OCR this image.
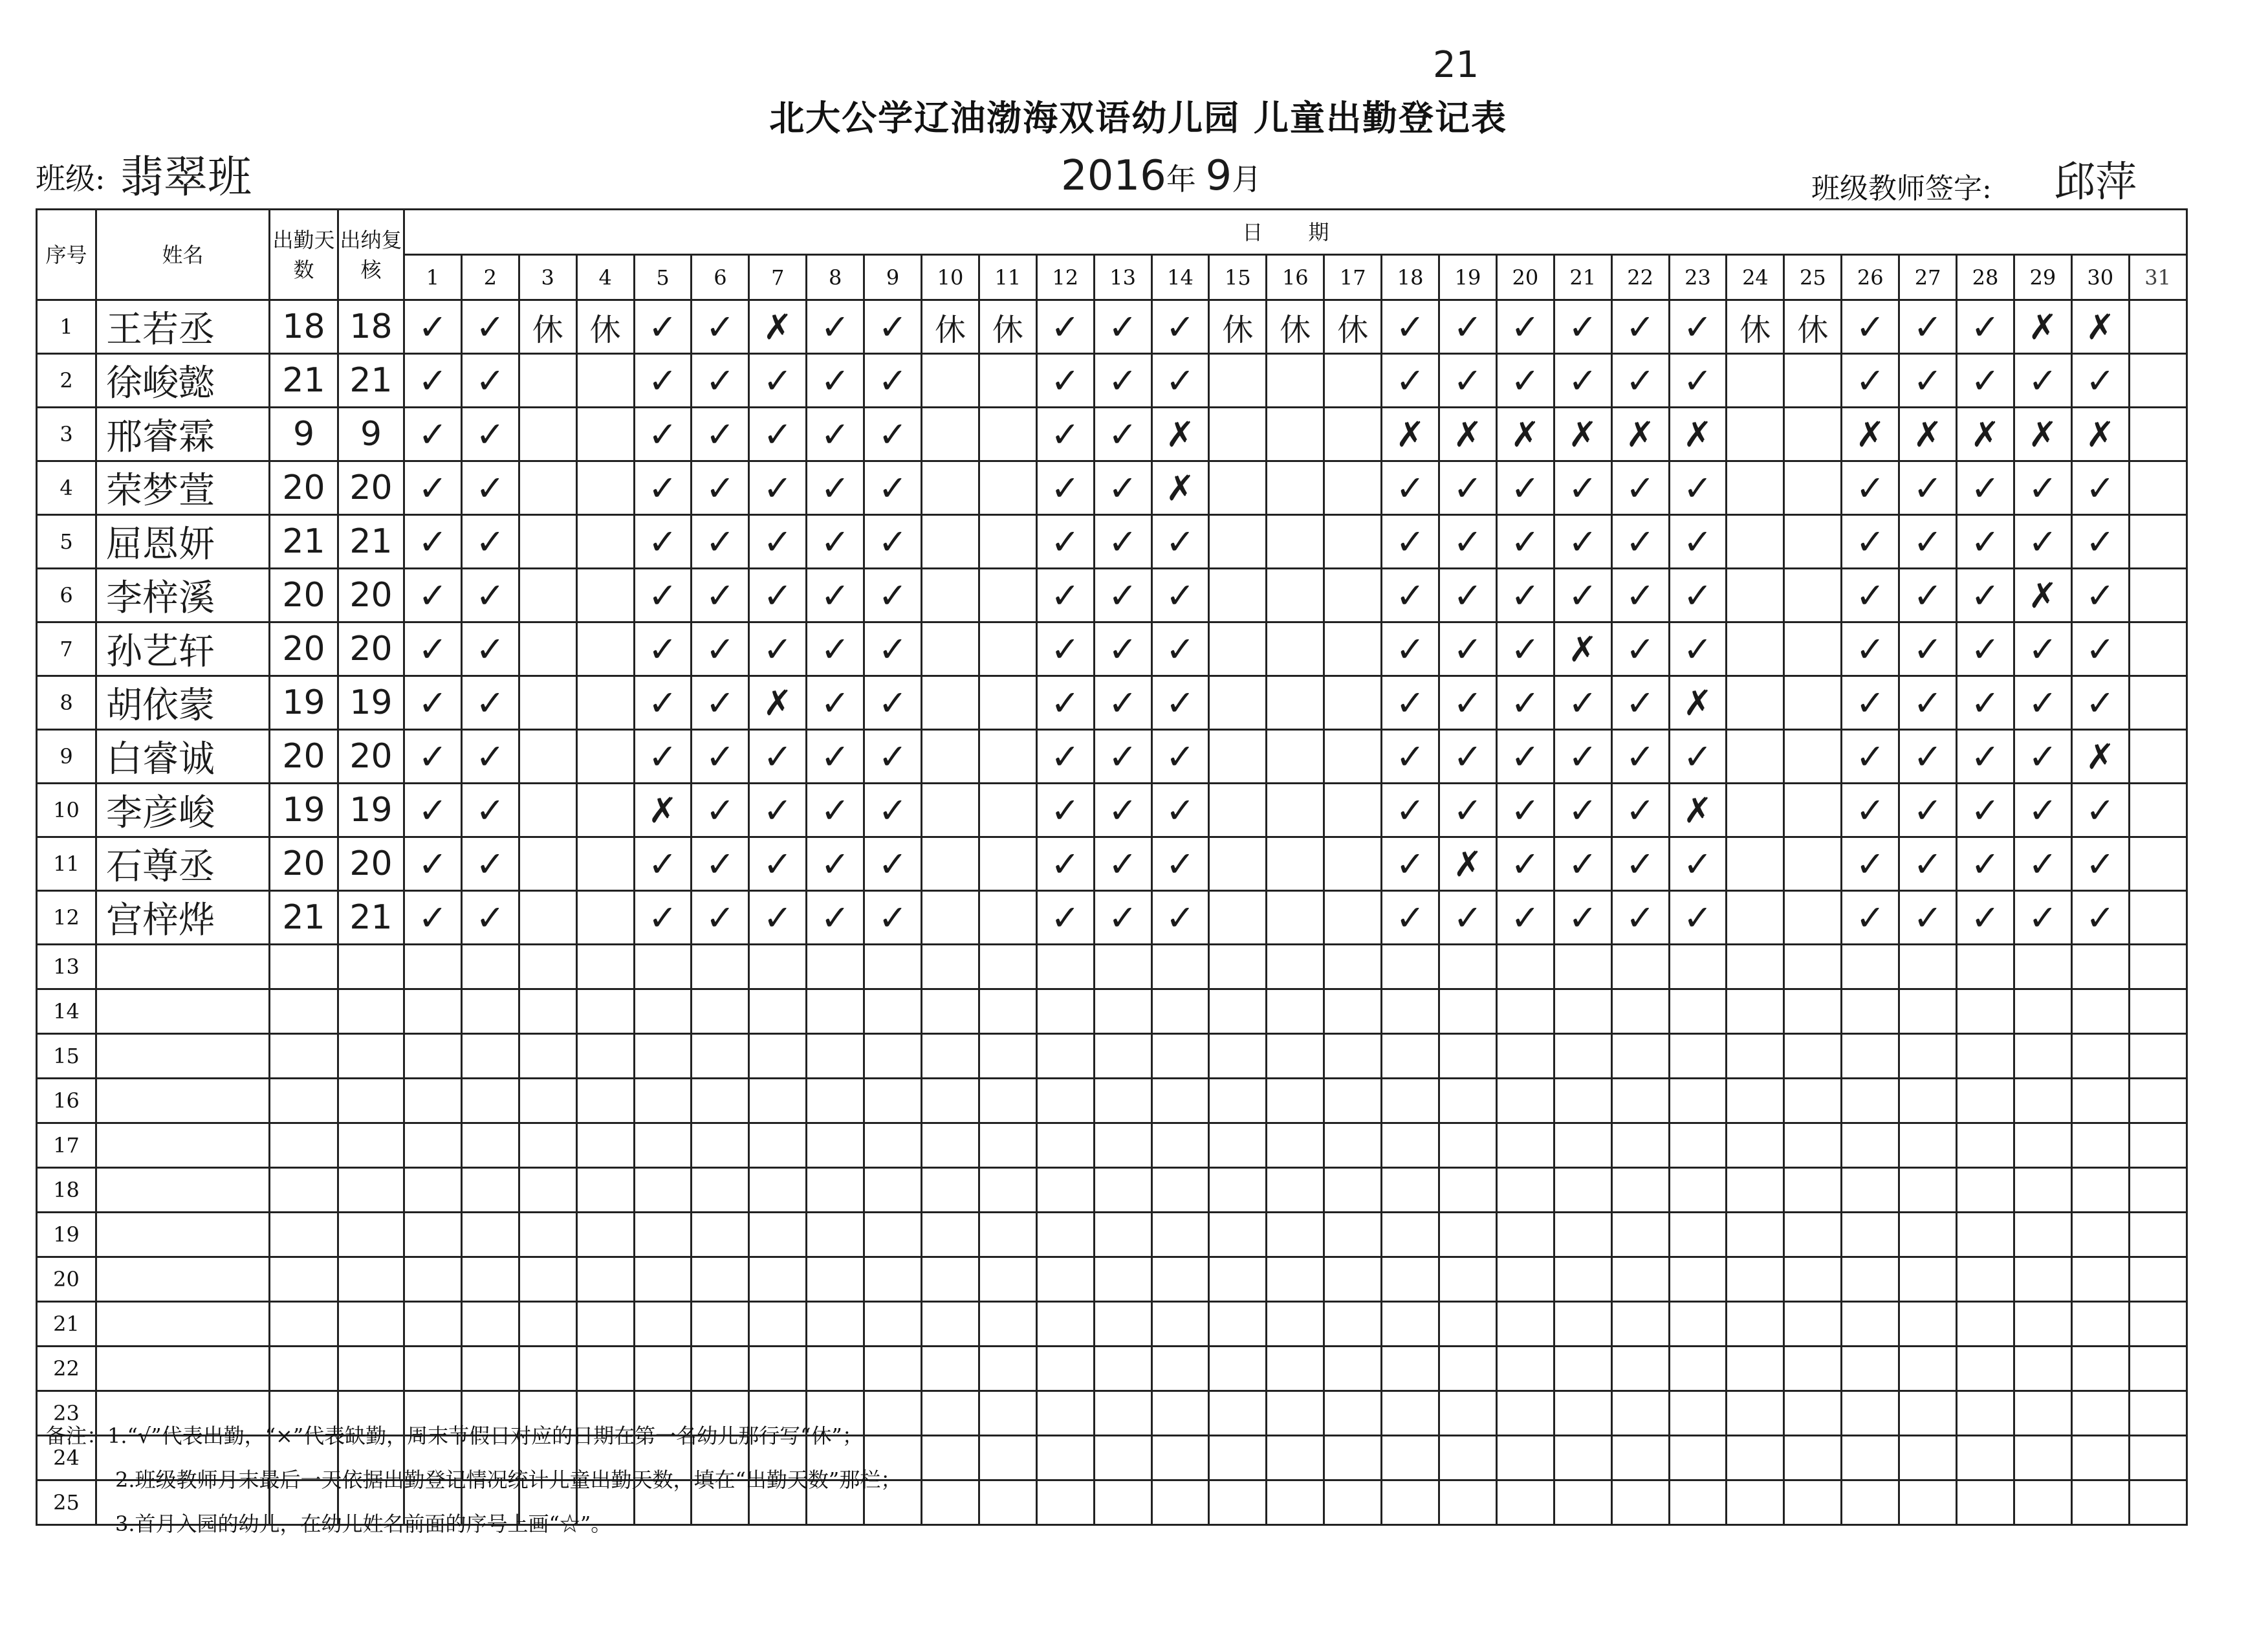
北大公学辽油渤海双语幼儿园 儿童出勤登记表
21
班级: 翡翠班	2016年 9月	班级教师签字: 邱萍
序号	姓名	出勤天数	出纳复核	日 期																														
				1	2	3	4	5	6	7	8	9	10	11	12	13	14	15	16	17	18	19	20	21	22	23	24	25	26	27	28	29	30	31
1	王若丞	18	18	✓	✓	休	休	✓	✓	✗	✓	✓	休	休	✓	✓	✓	休	休	休	✓	✓	✓	✓	✓	✓	休	休	✓	✓	✓	✗	✗	
2	徐峻懿	21	21	✓	✓			✓	✓	✓	✓	✓			✓	✓	✓				✓	✓	✓	✓	✓	✓			✓	✓	✓	✓	✓	
3	邢睿霖	9	9	✓	✓			✓	✓	✓	✓	✓			✓	✓	✗				✗	✗	✗	✗	✗	✗			✗	✗	✗	✗	✗	
4	荣梦萱	20	20	✓	✓			✓	✓	✓	✓	✓			✓	✓	✗				✓	✓	✓	✓	✓	✓			✓	✓	✓	✓	✓	
5	屈恩妍	21	21	✓	✓			✓	✓	✓	✓	✓			✓	✓	✓				✓	✓	✓	✓	✓	✓			✓	✓	✓	✓	✓	
6	李梓溪	20	20	✓	✓			✓	✓	✓	✓	✓			✓	✓	✓				✓	✓	✓	✓	✓	✓			✓	✓	✓	✗	✓	
7	孙艺轩	20	20	✓	✓			✓	✓	✓	✓	✓			✓	✓	✓				✓	✓	✓	✗	✓	✓			✓	✓	✓	✓	✓	
8	胡依蒙	19	19	✓	✓			✓	✓	✗	✓	✓			✓	✓	✓				✓	✓	✓	✓	✓	✗			✓	✓	✓	✓	✓	
9	白睿诚	20	20	✓	✓			✓	✓	✓	✓	✓			✓	✓	✓				✓	✓	✓	✓	✓	✓			✓	✓	✓	✓	✗	
10	李彦峻	19	19	✓	✓			✗	✓	✓	✓	✓			✓	✓	✓				✓	✓	✓	✓	✓	✗			✓	✓	✓	✓	✓	
11	石尊丞	20	20	✓	✓			✓	✓	✓	✓	✓			✓	✓	✓				✓	✗	✓	✓	✓	✓			✓	✓	✓	✓	✓	
12	宫梓烨	21	21	✓	✓			✓	✓	✓	✓	✓			✓	✓	✓				✓	✓	✓	✓	✓	✓			✓	✓	✓	✓	✓	
13																																		
14																																		
15																																		
16																																		
17																																		
18																																		
19																																		
20																																		
21																																		
22																																		
23																																		
24																																		
25																																		
备注：1.“√”代表出勤，“×”代表缺勤，周末节假日对应的日期在第一名幼儿那行写“休”；
2.班级教师月末最后一天依据出勤登记情况统计儿童出勤天数，填在“出勤天数”那栏；
3.首月入园的幼儿，在幼儿姓名前面的序号上画“☆”。
